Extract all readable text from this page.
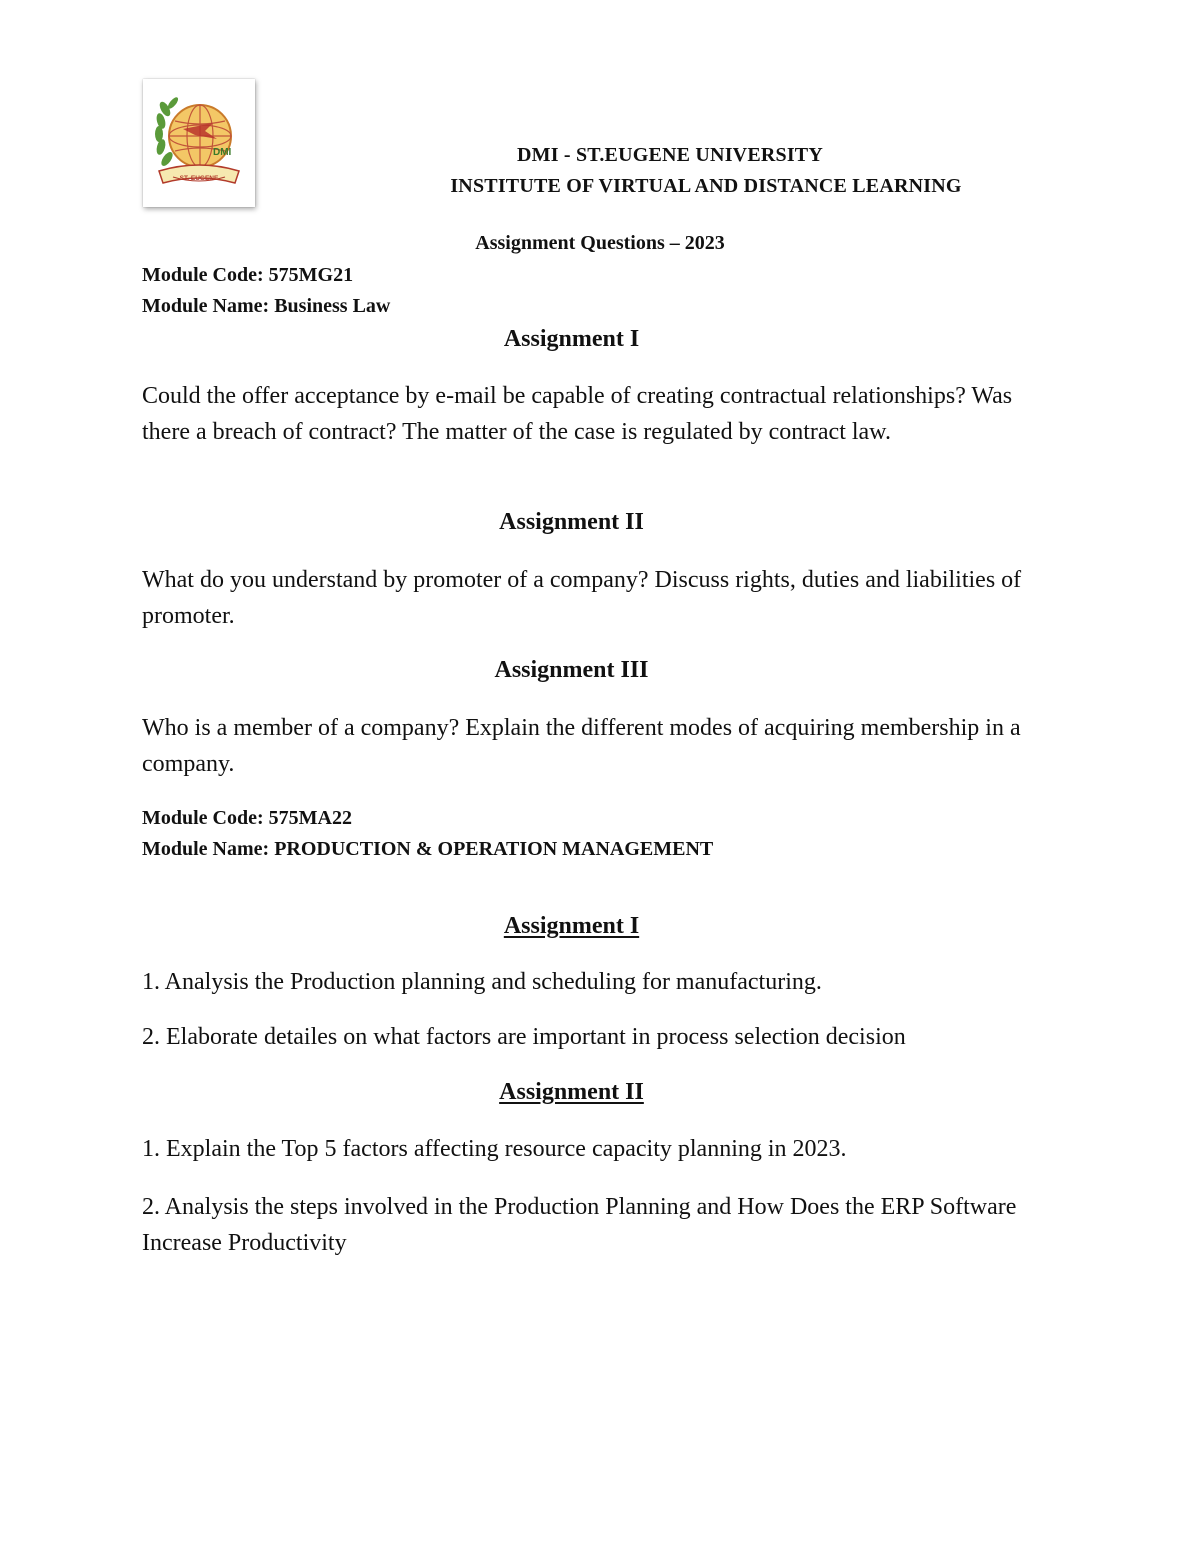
DMI
ST. EUGENE

DMI - ST.EUGENE UNIVERSITY

INSTITUTE OF VIRTUAL AND DISTANCE LEARNING

Assignment Questions – 2023

Module Code: 575MG21

Module Name: Business Law

Assignment I

Could the offer acceptance by e-mail be capable of creating contractual relationships? Was there a breach of contract? The matter of the case is regulated by contract law.

Assignment II

What do you understand by promoter of a company? Discuss rights, duties and liabilities of promoter.

Assignment III

Who is a member of a company? Explain the different modes of acquiring membership in a company.

Module Code: 575MA22

Module Name: PRODUCTION & OPERATION MANAGEMENT

Assignment I

1. Analysis the Production planning and scheduling for manufacturing.

2. Elaborate detailes on what factors are important in process selection decision

Assignment II

1. Explain the Top 5 factors affecting resource capacity planning in 2023.

2. Analysis the steps involved in the Production Planning and How Does the ERP Software Increase Productivity
